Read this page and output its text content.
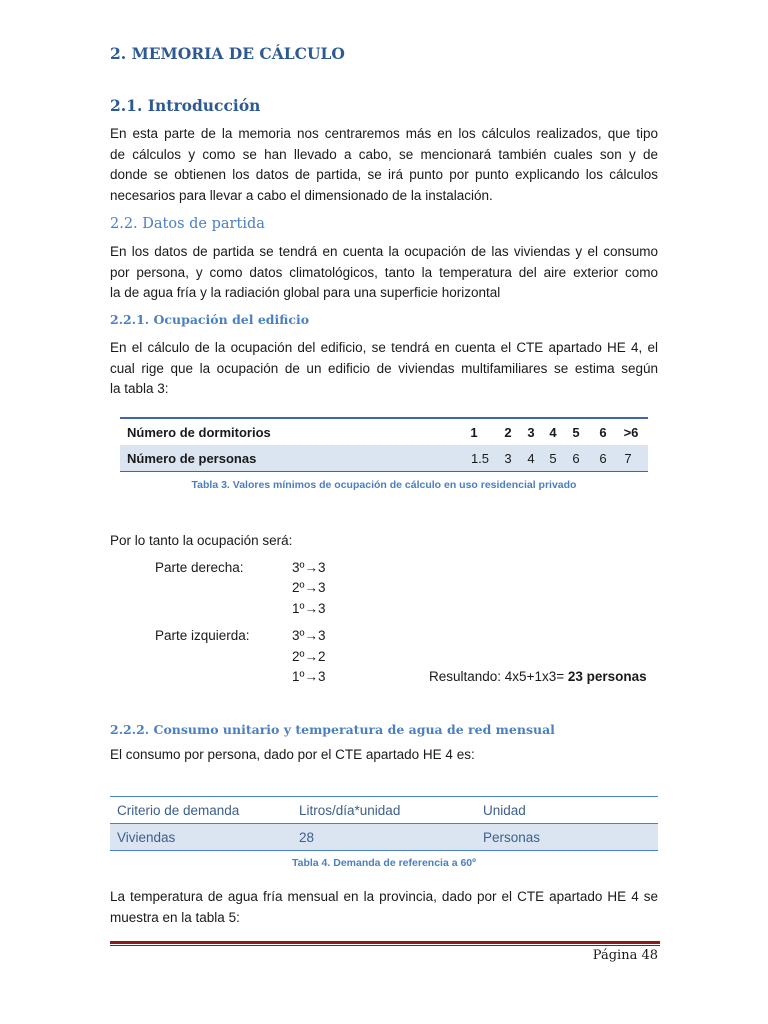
2. MEMORIA DE CÁLCULO
2.1. Introducción

En esta parte de la memoria nos centraremos más en los cálculos realizados, que tipo
de cálculos y como se han llevado a cabo, se mencionará también cuales son y de
donde se obtienen los datos de partida, se irá punto por punto explicando los cálculos
necesarios para llevar a cabo el dimensionado de la instalación.

2.2. Datos de partida

En los datos de partida se tendrá en cuenta la ocupación de las viviendas y el consumo
por persona, y como datos climatológicos, tanto la temperatura del aire exterior como
la de agua fría y la radiación global para una superficie horizontal

2.2.1. Ocupación del edificio

En el cálculo de la ocupación del edificio, se tendrá en cuenta el CTE apartado HE 4, el
cual rige que la ocupación de un edificio de viviendas multifamiliares se estima según
la tabla 3:

Número de dormitorios	1	2	3	4	5	6	>6
Número de personas	1.5	3	4	5	6	6	7
Tabla 3. Valores mínimos de ocupación de cálculo en uso residencial privado
Por lo tanto la ocupación será:
Parte derecha:	3º→3
2º→3
1º→3
Parte izquierda:	3º→3
2º→2
1º→3	Resultando: 4x5+1x3= 23 personas
2.2.2. Consumo unitario y temperatura de agua de red mensual
El consumo por persona, dado por el CTE apartado HE 4 es:
Criterio de demanda	Litros/día*unidad	Unidad
Viviendas	28	Personas
Tabla 4. Demanda de referencia a 60º

La temperatura de agua fría mensual en la provincia, dado por el CTE apartado HE 4 se
muestra en la tabla 5:

Página 48
